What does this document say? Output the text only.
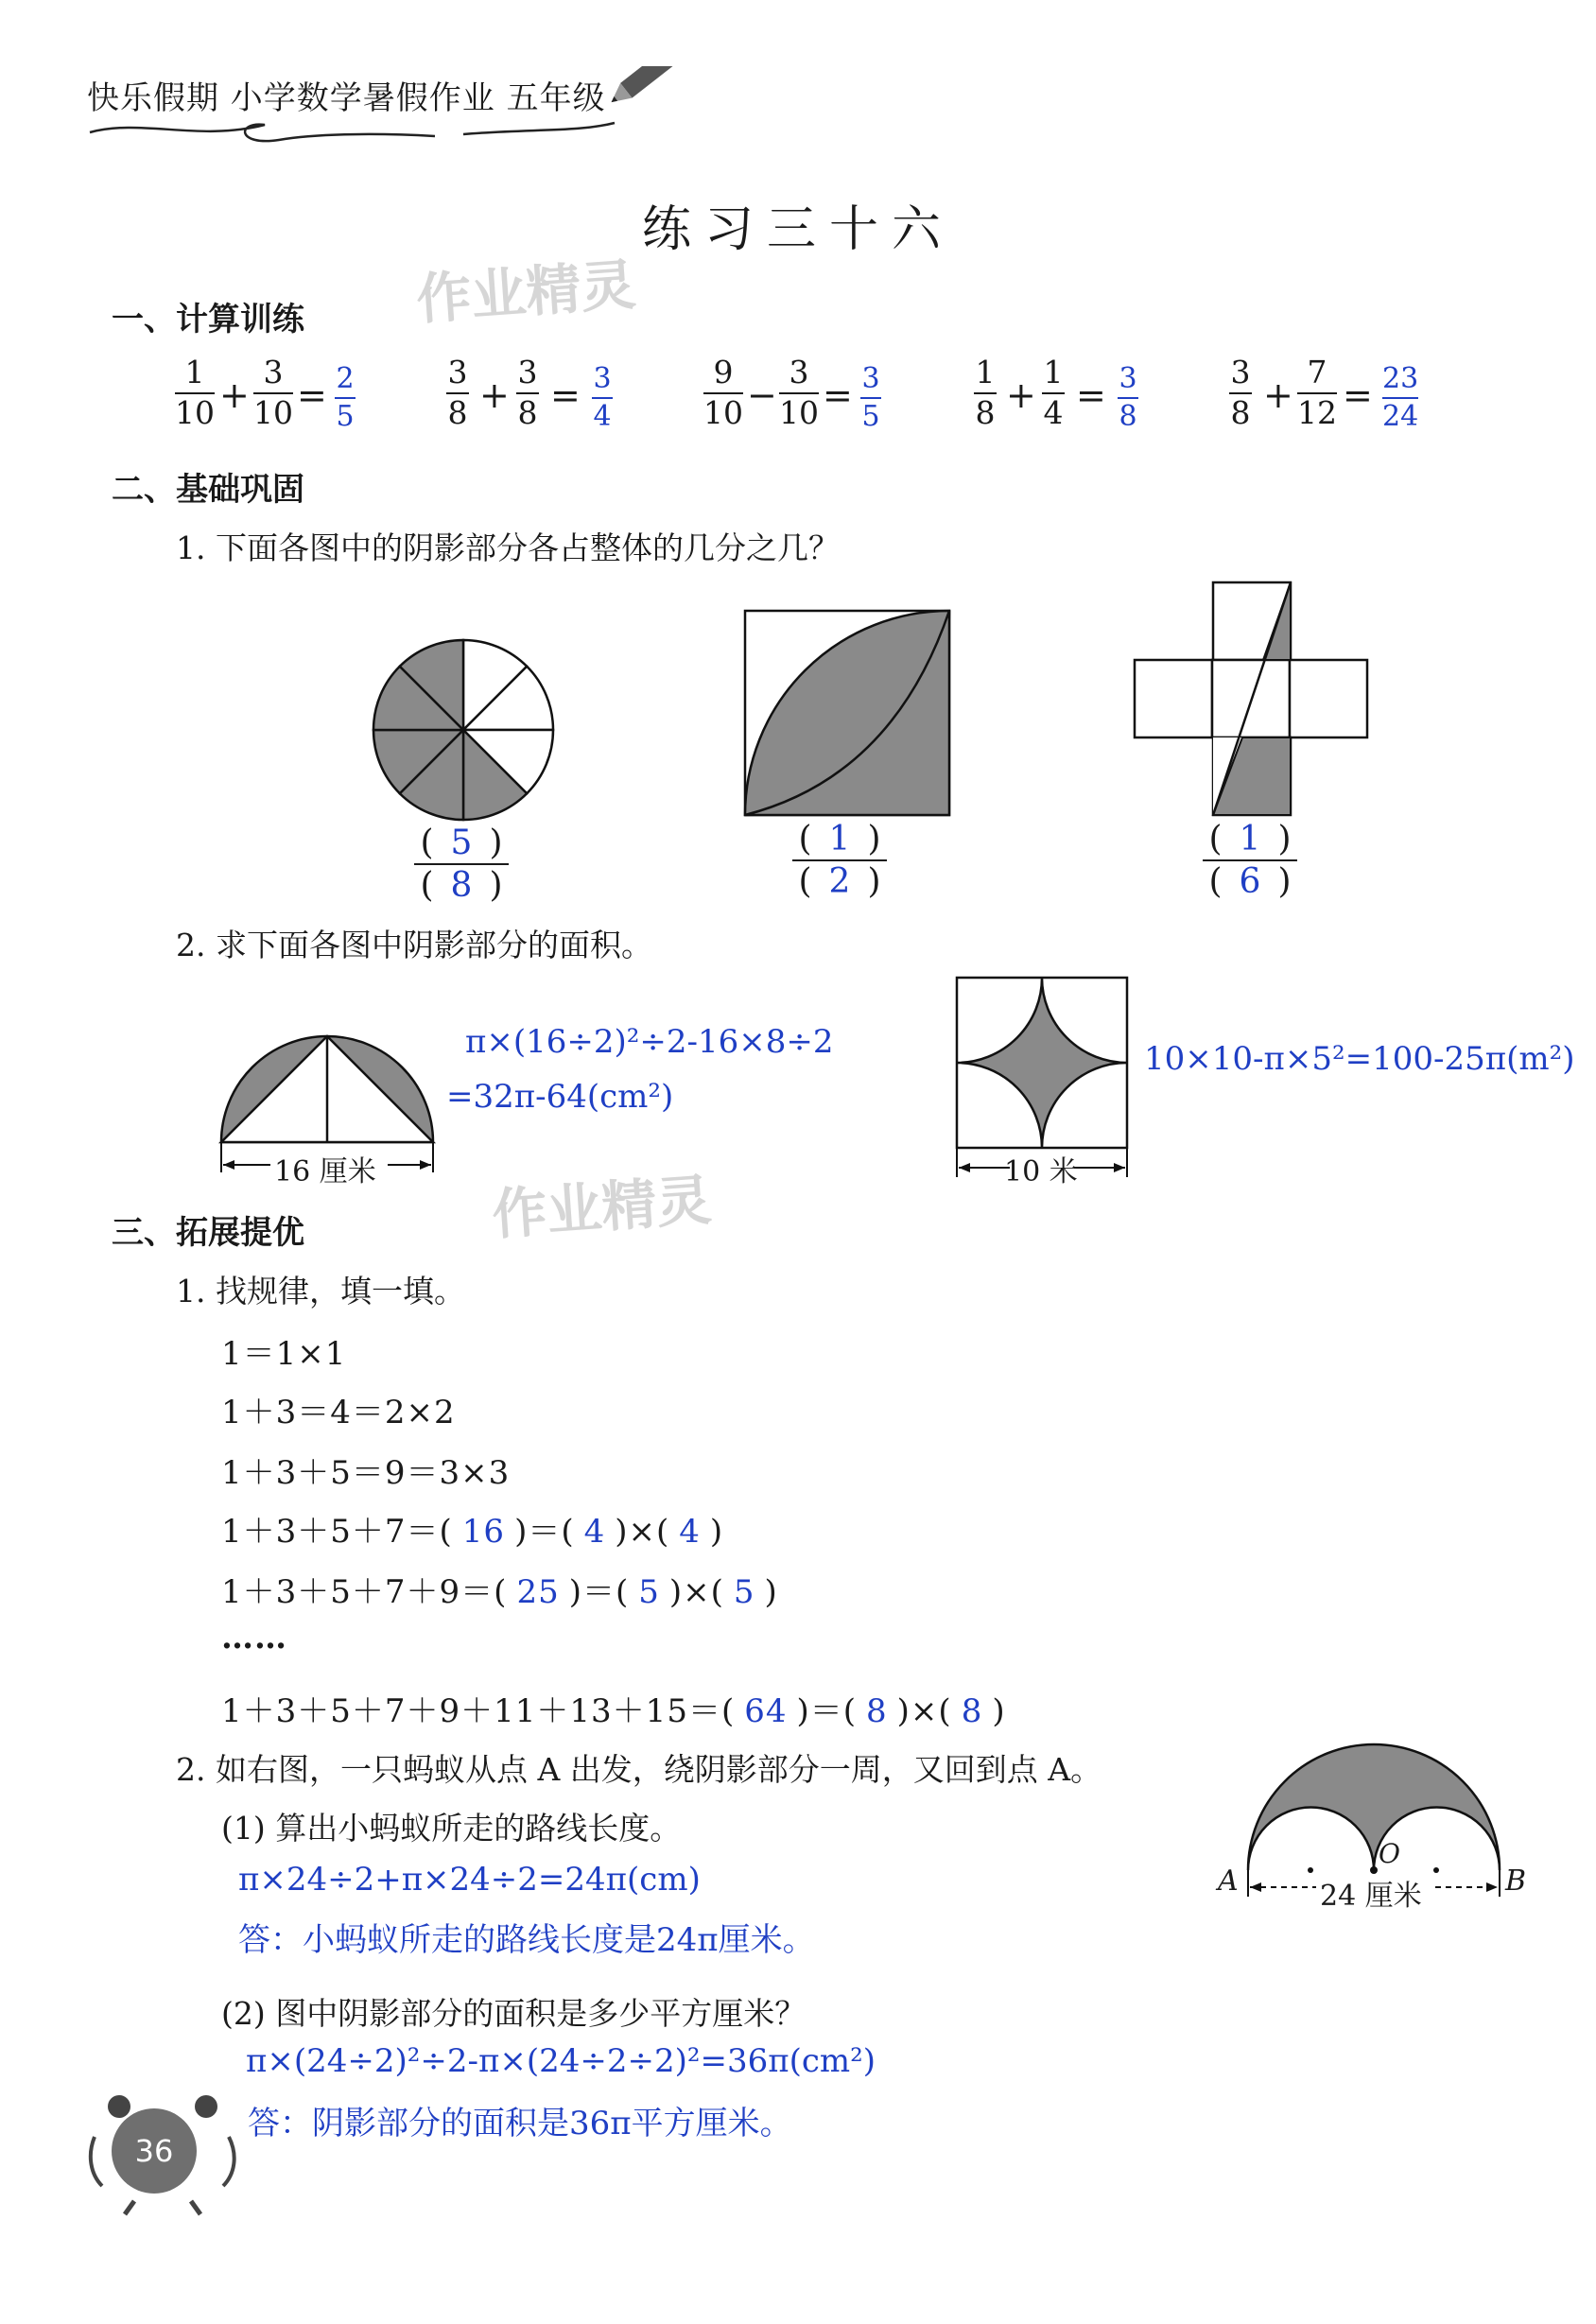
快乐假期 小学数学暑假作业 五年级
练习三十六
作业精灵
作业精灵
一、计算训练
1
10 +
3
10 = 2
5
3
8 +
3
8 = 3
4
9
10 −
3
10 = 3
5
1
8 +
1
4 = 3
8
3
8 +
7
12 = 23
24
二、基础巩固
1. 下面各图中的阴影部分各占整体的几分之几？
( 5 )
( 8 )
( 1 )
( 2 )
( 1 )
( 6 )
2. 求下面各图中阴影部分的面积。
16 厘米
π×(16÷2)²÷2-16×8÷2
=32π-64(cm²)
10 米
10×10-π×5²=100-25π(m²)
三、拓展提优
1. 找规律，填一填。
1＝1×1
1＋3＝4＝2×2
1＋3＋5＝9＝3×3
1＋3＋5＋7＝( 16 )＝( 4 )×( 4 )
1＋3＋5＋7＋9＝( 25 )＝( 5 )×( 5 )
……
1＋3＋5＋7＋9＋11＋13＋15＝( 64 )＝( 8 )×( 8 )
2. 如右图，一只蚂蚁从点 A 出发，绕阴影部分一周，又回到点 A。
(1) 算出小蚂蚁所走的路线长度。
π×24÷2+π×24÷2=24π(cm)
答：小蚂蚁所走的路线长度是24π厘米。
(2) 图中阴影部分的面积是多少平方厘米？
π×(24÷2)²÷2-π×(24÷2÷2)²=36π(cm²)
答：阴影部分的面积是36π平方厘米。
A	B
O
24 厘米
36
